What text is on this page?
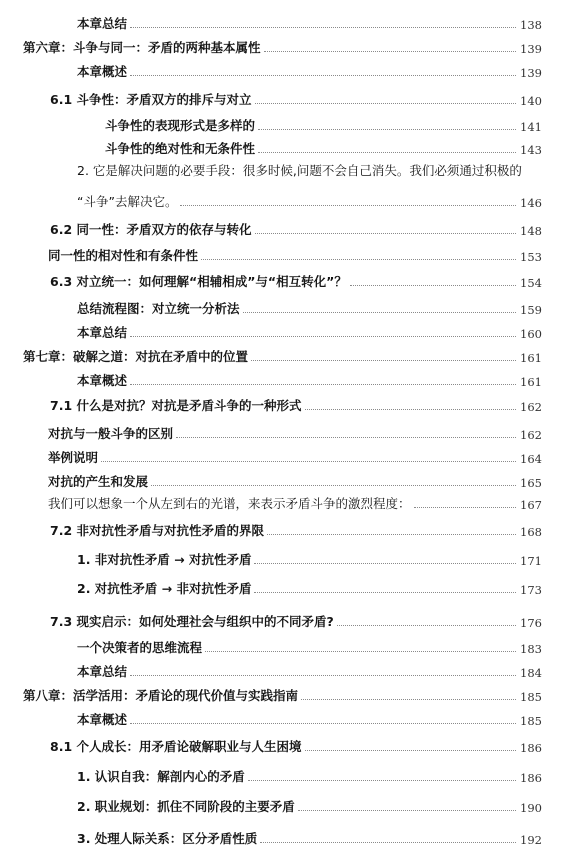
本章总结	138
第六章：斗争与同一：矛盾的两种基本属性	139
本章概述	139
6.1 斗争性：矛盾双方的排斥与对立	140
斗争性的表现形式是多样的	141
斗争性的绝对性和无条件性	143
2. 它是解决问题的必要手段：很多时候,问题不会自己消失。我们必须通过积极的
“斗争”去解决它。	146
6.2 同一性：矛盾双方的依存与转化	148
同一性的相对性和有条件性	153
6.3 对立统一：如何理解“相辅相成”与“相互转化”？	154
总结流程图：对立统一分析法	159
本章总结	160
第七章：破解之道：对抗在矛盾中的位置	161
本章概述	161
7.1 什么是对抗？对抗是矛盾斗争的一种形式	162
对抗与一般斗争的区别	162
举例说明	164
对抗的产生和发展	165
我们可以想象一个从左到右的光谱，来表示矛盾斗争的激烈程度：	167
7.2 非对抗性矛盾与对抗性矛盾的界限	168
1. 非对抗性矛盾 → 对抗性矛盾	171
2. 对抗性矛盾 → 非对抗性矛盾	173
7.3 现实启示：如何处理社会与组织中的不同矛盾?	176
一个决策者的思维流程	183
本章总结	184
第八章：活学活用：矛盾论的现代价值与实践指南	185
本章概述	185
8.1 个人成长：用矛盾论破解职业与人生困境	186
1. 认识自我：解剖内心的矛盾	186
2. 职业规划：抓住不同阶段的主要矛盾	190
3. 处理人际关系：区分矛盾性质	192
